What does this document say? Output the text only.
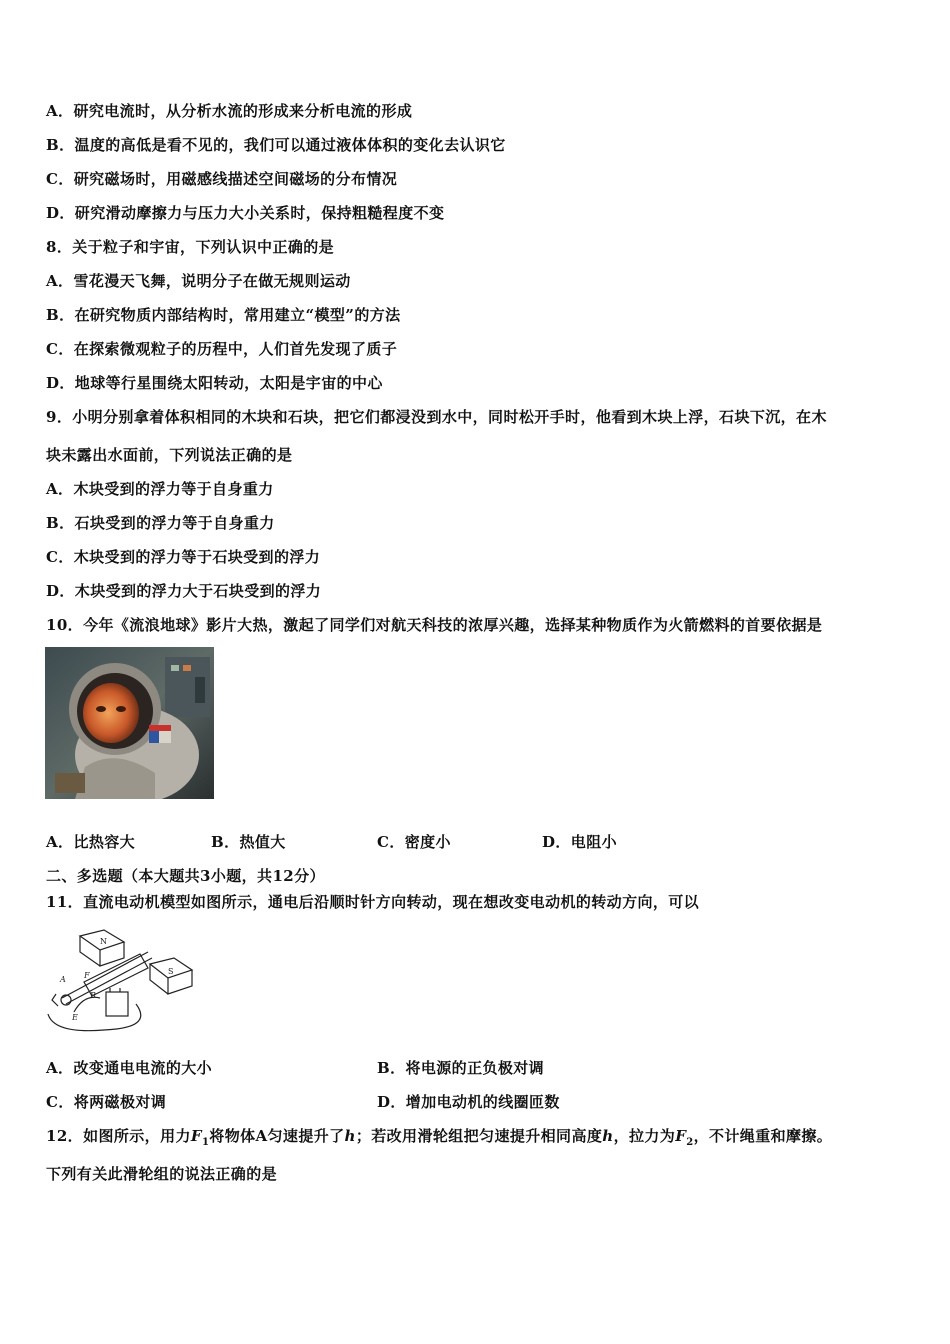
A．研究电流时，从分析水流的形成来分析电流的形成
B．温度的高低是看不见的，我们可以通过液体体积的变化去认识它
C．研究磁场时，用磁感线描述空间磁场的分布情况
D．研究滑动摩擦力与压力大小关系时，保持粗糙程度不变
8．关于粒子和宇宙，下列认识中正确的是
A．雪花漫天飞舞，说明分子在做无规则运动
B．在研究物质内部结构时，常用建立“模型”的方法
C．在探索微观粒子的历程中，人们首先发现了质子
D．地球等行星围绕太阳转动，太阳是宇宙的中心
9．小明分别拿着体积相同的木块和石块，把它们都浸没到水中，同时松开手时，他看到木块上浮，石块下沉，在木
块未露出水面前，下列说法正确的是
A．木块受到的浮力等于自身重力
B．石块受到的浮力等于自身重力
C．木块受到的浮力等于石块受到的浮力
D．木块受到的浮力大于石块受到的浮力
10．今年《流浪地球》影片大热，激起了同学们对航天科技的浓厚兴趣，选择某种物质作为火箭燃料的首要依据是
A．比热容大	B．热值大	C．密度小	D．电阻小
二、多选题（本大题共3小题，共12分）
11．直流电动机模型如图所示，通电后沿顺时针方向转动，现在想改变电动机的转动方向，可以
N
S
A F
B
E
A．改变通电电流的大小	B．将电源的正负极对调
C．将两磁极对调	D．增加电动机的线圈匝数
12．如图所示，用力$F_1$将物体A匀速提升了h；若改用滑轮组把匀速提升相同高度h，拉力为$F_2$，不计绳重和摩擦。
下列有关此滑轮组的说法正确的是
